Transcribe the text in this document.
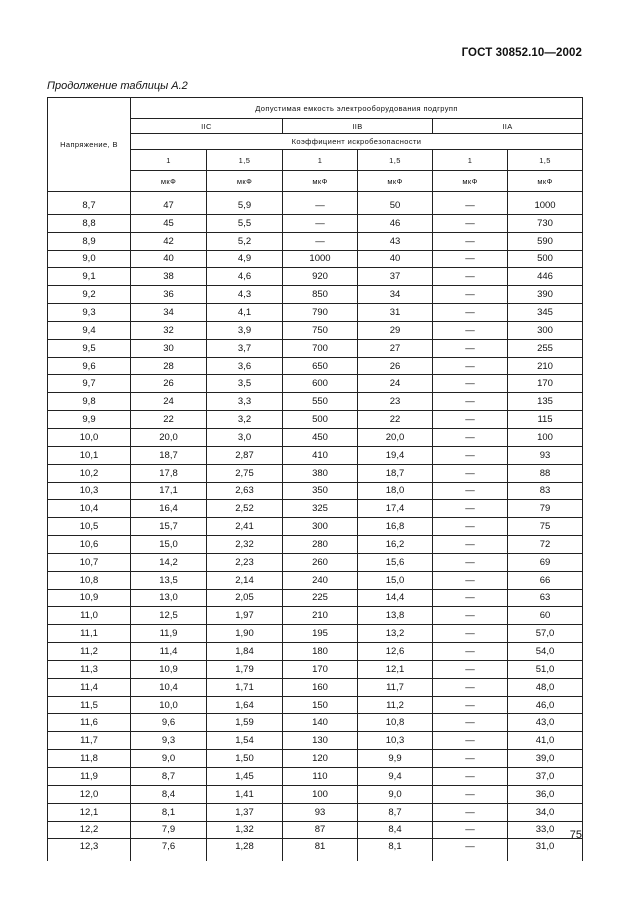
ГОСТ 30852.10—2002
Продолжение таблицы А.2
Напряжение, В	Допустимая емкость электрооборудования подгрупп					
	IIC		IIB		IIA	
	Коэффициент искробезопасности					
	1	1,5	1	1,5	1	1,5
	мкФ	мкФ	мкФ	мкФ	мкФ	мкФ

8,7	47	5,9	—	50	—	1000
8,8	45	5,5	—	46	—	730
8,9	42	5,2	—	43	—	590
9,0	40	4,9	1000	40	—	500
9,1	38	4,6	920	37	—	446
9,2	36	4,3	850	34	—	390
9,3	34	4,1	790	31	—	345
9,4	32	3,9	750	29	—	300
9,5	30	3,7	700	27	—	255
9,6	28	3,6	650	26	—	210
9,7	26	3,5	600	24	—	170
9,8	24	3,3	550	23	—	135
9,9	22	3,2	500	22	—	115
10,0	20,0	3,0	450	20,0	—	100
10,1	18,7	2,87	410	19,4	—	93
10,2	17,8	2,75	380	18,7	—	88
10,3	17,1	2,63	350	18,0	—	83
10,4	16,4	2,52	325	17,4	—	79
10,5	15,7	2,41	300	16,8	—	75
10,6	15,0	2,32	280	16,2	—	72
10,7	14,2	2,23	260	15,6	—	69
10,8	13,5	2,14	240	15,0	—	66
10,9	13,0	2,05	225	14,4	—	63
11,0	12,5	1,97	210	13,8	—	60
11,1	11,9	1,90	195	13,2	—	57,0
11,2	11,4	1,84	180	12,6	—	54,0
11,3	10,9	1,79	170	12,1	—	51,0
11,4	10,4	1,71	160	11,7	—	48,0
11,5	10,0	1,64	150	11,2	—	46,0
11,6	9,6	1,59	140	10,8	—	43,0
11,7	9,3	1,54	130	10,3	—	41,0
11,8	9,0	1,50	120	9,9	—	39,0
11,9	8,7	1,45	110	9,4	—	37,0
12,0	8,4	1,41	100	9,0	—	36,0
12,1	8,1	1,37	93	8,7	—	34,0
12,2	7,9	1,32	87	8,4	—	33,0
12,3	7,6	1,28	81	8,1	—	31,0
75
